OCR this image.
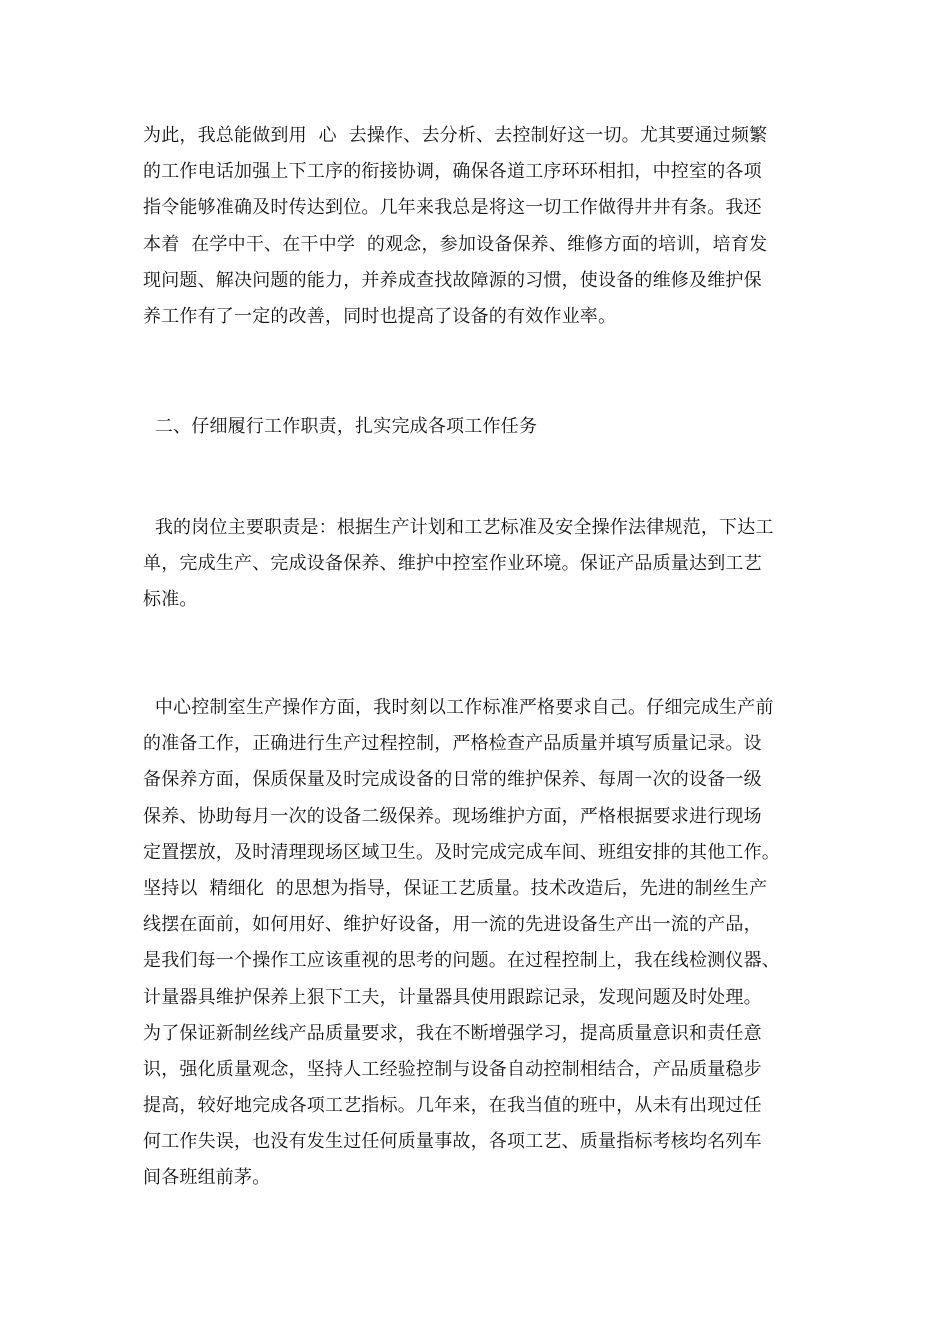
为此，我总能做到用  心  去操作、去分析、去控制好这一切。尤其要通过频繁
的工作电话加强上下工序的衔接协调，确保各道工序环环相扣，中控室的各项
指令能够准确及时传达到位。几年来我总是将这一切工作做得井井有条。我还
本着  在学中干、在干中学  的观念，参加设备保养、维修方面的培训，培育发
现问题、解决问题的能力，并养成查找故障源的习惯，使设备的维修及维护保
养工作有了一定的改善，同时也提高了设备的有效作业率。

二、仔细履行工作职责，扎实完成各项工作任务

我的岗位主要职责是：根据生产计划和工艺标准及安全操作法律规范，下达工
单，完成生产、完成设备保养、维护中控室作业环境。保证产品质量达到工艺
标准。

中心控制室生产操作方面，我时刻以工作标准严格要求自己。仔细完成生产前
的准备工作，正确进行生产过程控制，严格检查产品质量并填写质量记录。设
备保养方面，保质保量及时完成设备的日常的维护保养、每周一次的设备一级
保养、协助每月一次的设备二级保养。现场维护方面，严格根据要求进行现场
定置摆放，及时清理现场区域卫生。及时完成完成车间、班组安排的其他工作。
坚持以  精细化  的思想为指导，保证工艺质量。技术改造后，先进的制丝生产
线摆在面前，如何用好、维护好设备，用一流的先进设备生产出一流的产品，
是我们每一个操作工应该重视的思考的问题。在过程控制上，我在线检测仪器、
计量器具维护保养上狠下工夫，计量器具使用跟踪记录，发现问题及时处理。
为了保证新制丝线产品质量要求，我在不断增强学习，提高质量意识和责任意
识，强化质量观念，坚持人工经验控制与设备自动控制相结合，产品质量稳步
提高，较好地完成各项工艺指标。几年来，在我当值的班中，从未有出现过任
何工作失误，也没有发生过任何质量事故，各项工艺、质量指标考核均名列车
间各班组前茅。
